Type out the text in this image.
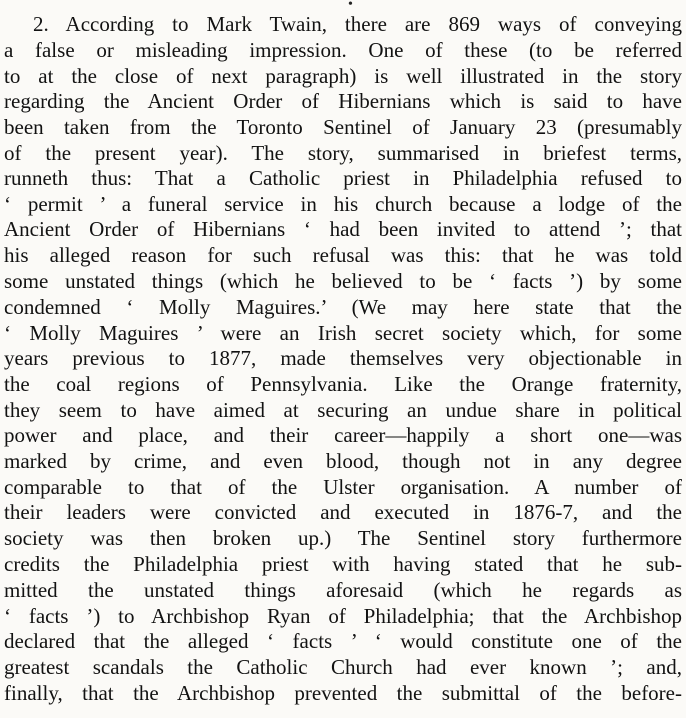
•
2. According to Mark Twain, there are 869 ways of conveying
a false or misleading impression. One of these (to be referred
to at the close of next paragraph) is well illustrated in the story
regarding the Ancient Order of Hibernians which is said to have
been taken from the Toronto Sentinel of January 23 (presumably
of the present year). The story, summarised in briefest terms,
runneth thus: That a Catholic priest in Philadelphia refused to
‘ permit ’ a funeral service in his church because a lodge of the
Ancient Order of Hibernians ‘ had been invited to attend ’; that
his alleged reason for such refusal was this: that he was told
some unstated things (which he believed to be ‘ facts ’) by some
condemned ‘ Molly Maguires.’ (We may here state that the
‘ Molly Maguires ’ were an Irish secret society which, for some
years previous to 1877, made themselves very objectionable in
the coal regions of Pennsylvania. Like the Orange fraternity,
they seem to have aimed at securing an undue share in political
power and place, and their career—happily a short one—was
marked by crime, and even blood, though not in any degree
comparable to that of the Ulster organisation. A number of
their leaders were convicted and executed in 1876-7, and the
society was then broken up.) The Sentinel story furthermore
credits the Philadelphia priest with having stated that he sub-
mitted the unstated things aforesaid (which he regards as
‘ facts ’) to Archbishop Ryan of Philadelphia; that the Archbishop
declared that the alleged ‘ facts ’ ‘ would constitute one of the
greatest scandals the Catholic Church had ever known ’; and,
finally, that the Archbishop prevented the submittal of the before-
